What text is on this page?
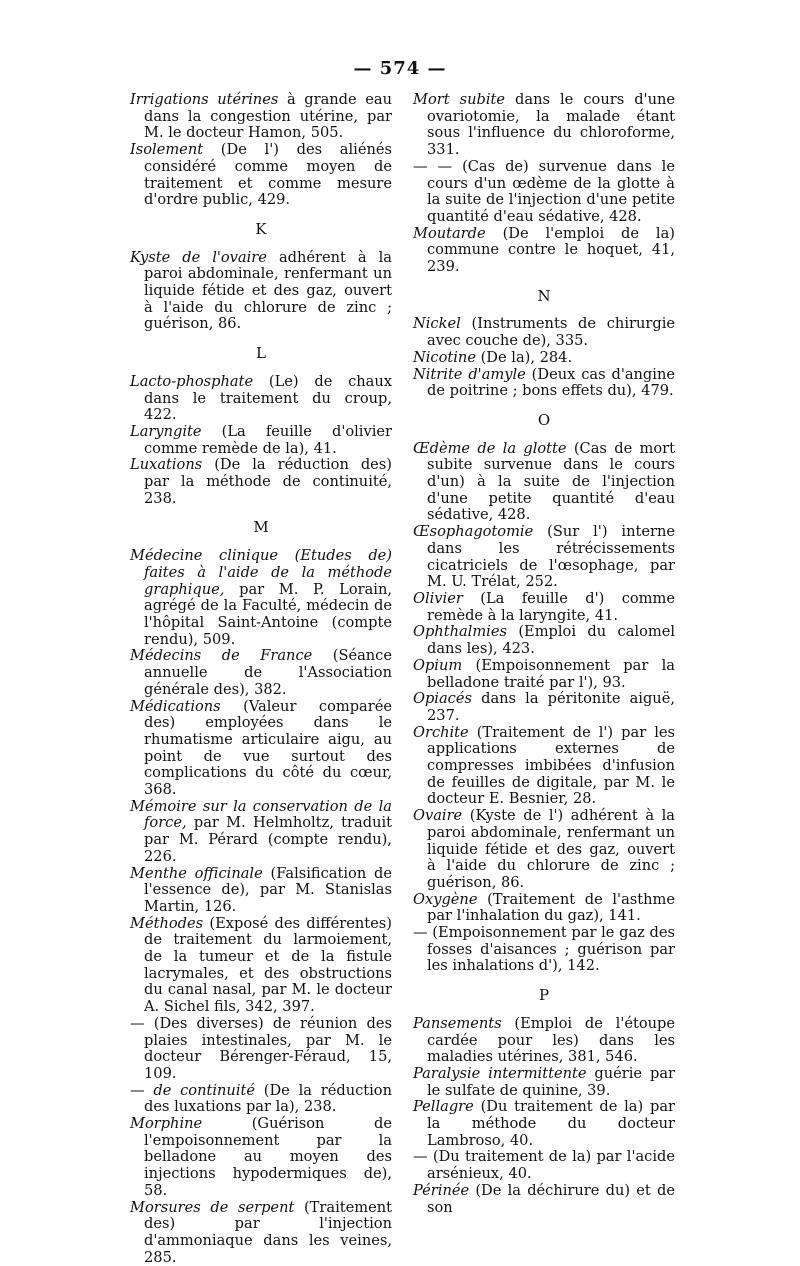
— 574 —

Irrigations utérines à grande eau dans la congestion utérine, par M. le docteur Hamon, 505.

Isolement (De l') des aliénés considéré comme moyen de traitement et comme mesure d'ordre public, 429.

K

Kyste de l'ovaire adhérent à la paroi abdominale, renfermant un liquide fétide et des gaz, ouvert à l'aide du chlorure de zinc ; guérison, 86.

L

Lacto-phosphate (Le) de chaux dans le traitement du croup, 422.

Laryngite (La feuille d'olivier comme remède de la), 41.

Luxations (De la réduction des) par la méthode de continuité, 238.

M

Médecine clinique (Etudes de) faites à l'aide de la méthode graphique, par M. P. Lorain, agrégé de la Faculté, médecin de l'hôpital Saint-Antoine (compte rendu), 509.

Médecins de France (Séance annuelle de l'Association générale des), 382.

Médications (Valeur comparée des) employées dans le rhumatisme articulaire aigu, au point de vue surtout des complications du côté du cœur, 368.

Mémoire sur la conservation de la force, par M. Helmholtz, traduit par M. Pérard (compte rendu), 226.

Menthe officinale (Falsification de l'essence de), par M. Stanislas Martin, 126.

Méthodes (Exposé des différentes) de traitement du larmoiement, de la tumeur et de la fistule lacrymales, et des obstructions du canal nasal, par M. le docteur A. Sichel fils, 342, 397.

— (Des diverses) de réunion des plaies intestinales, par M. le docteur Bérenger-Féraud, 15, 109.

— de continuité (De la réduction des luxations par la), 238.

Morphine (Guérison de l'empoisonnement par la belladone au moyen des injections hypodermiques de), 58.

Morsures de serpent (Traitement des) par l'injection d'ammoniaque dans les veines, 285.

Mort subite dans le cours d'une ovariotomie, la malade étant sous l'influence du chloroforme, 331.

— — (Cas de) survenue dans le cours d'un œdème de la glotte à la suite de l'injection d'une petite quantité d'eau sédative, 428.

Moutarde (De l'emploi de la) commune contre le hoquet, 41, 239.

N

Nickel (Instruments de chirurgie avec couche de), 335.

Nicotine (De la), 284.

Nitrite d'amyle (Deux cas d'angine de poitrine ; bons effets du), 479.

O

Œdème de la glotte (Cas de mort subite survenue dans le cours d'un) à la suite de l'injection d'une petite quantité d'eau sédative, 428.

Œsophagotomie (Sur l') interne dans les rétrécissements cicatriciels de l'œsophage, par M. U. Trélat, 252.

Olivier (La feuille d') comme remède à la laryngite, 41.

Ophthalmies (Emploi du calomel dans les), 423.

Opium (Empoisonnement par la belladone traité par l'), 93.

Opiacés dans la péritonite aiguë, 237.

Orchite (Traitement de l') par les applications externes de compresses imbibées d'infusion de feuilles de digitale, par M. le docteur E. Besnier, 28.

Ovaire (Kyste de l') adhérent à la paroi abdominale, renfermant un liquide fétide et des gaz, ouvert à l'aide du chlorure de zinc ; guérison, 86.

Oxygène (Traitement de l'asthme par l'inhalation du gaz), 141.

— (Empoisonnement par le gaz des fosses d'aisances ; guérison par les inhalations d'), 142.

P

Pansements (Emploi de l'étoupe cardée pour les) dans les maladies utérines, 381, 546.

Paralysie intermittente guérie par le sulfate de quinine, 39.

Pellagre (Du traitement de la) par la méthode du docteur Lambroso, 40.

— (Du traitement de la) par l'acide arsénieux, 40.

Périnée (De la déchirure du) et de son
